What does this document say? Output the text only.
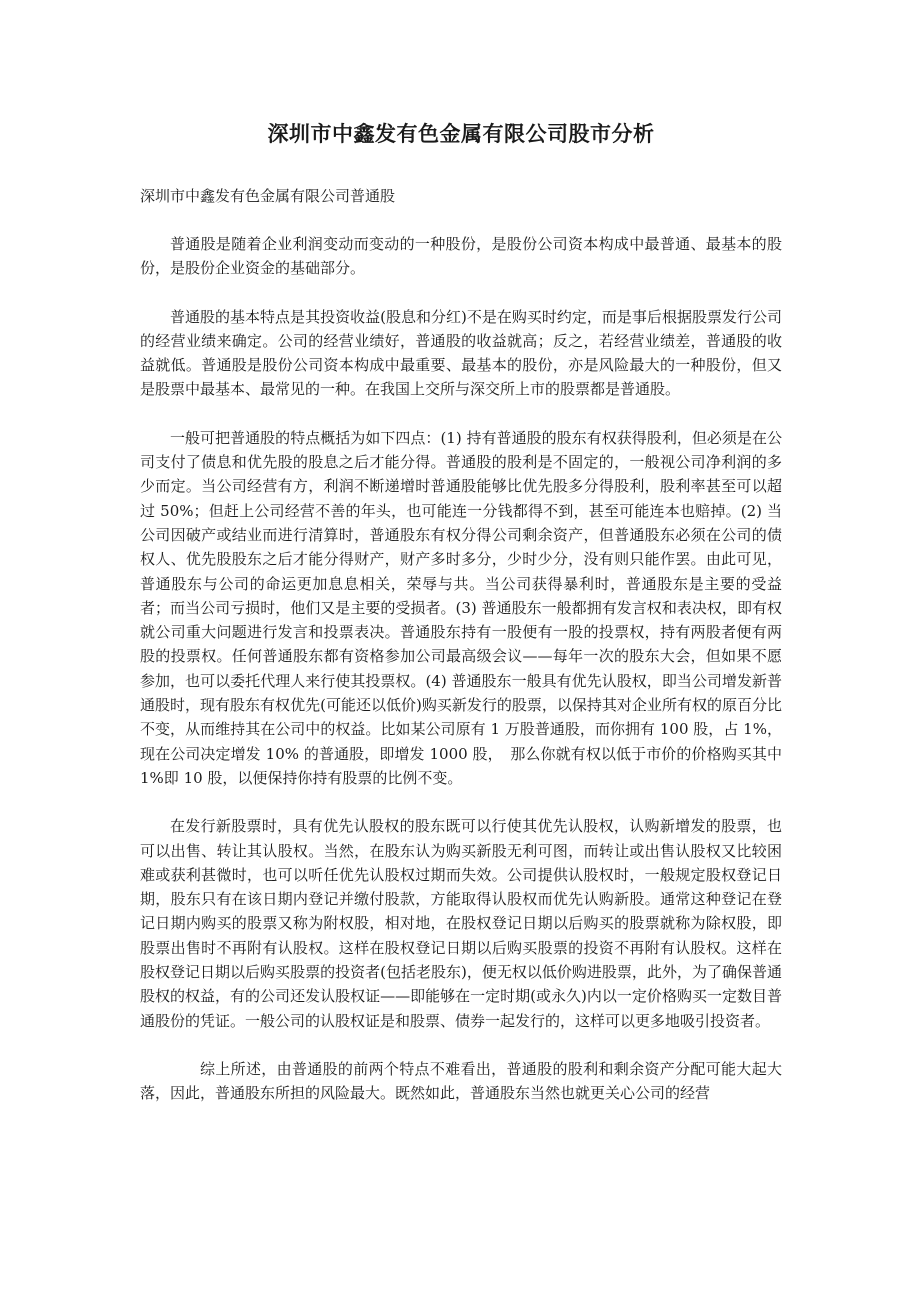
深圳市中鑫发有色金属有限公司股市分析
深圳市中鑫发有色金属有限公司普通股

普通股是随着企业利润变动而变动的一种股份，是股份公司资本构成中最普通、最基本的股份，是股份企业资金的基础部分。

普通股的基本特点是其投资收益(股息和分红)不是在购买时约定，而是事后根据股票发行公司的经营业绩来确定。公司的经营业绩好，普通股的收益就高；反之，若经营业绩差，普通股的收益就低。普通股是股份公司资本构成中最重要、最基本的股份，亦是风险最大的一种股份，但又是股票中最基本、最常见的一种。在我国上交所与深交所上市的股票都是普通股。

一般可把普通股的特点概括为如下四点：(1) 持有普通股的股东有权获得股利，但必须是在公司支付了债息和优先股的股息之后才能分得。普通股的股利是不固定的，一般视公司净利润的多少而定。当公司经营有方，利润不断递增时普通股能够比优先股多分得股利，股利率甚至可以超过 50%；但赶上公司经营不善的年头，也可能连一分钱都得不到，甚至可能连本也赔掉。(2) 当公司因破产或结业而进行清算时，普通股东有权分得公司剩余资产，但普通股东必须在公司的债权人、优先股股东之后才能分得财产，财产多时多分，少时少分，没有则只能作罢。由此可见，普通股东与公司的命运更加息息相关，荣辱与共。当公司获得暴利时，普通股东是主要的受益者；而当公司亏损时，他们又是主要的受损者。(3) 普通股东一般都拥有发言权和表决权，即有权就公司重大问题进行发言和投票表决。普通股东持有一股便有一股的投票权，持有两股者便有两股的投票权。任何普通股东都有资格参加公司最高级会议——每年一次的股东大会，但如果不愿参加，也可以委托代理人来行使其投票权。(4) 普通股东一般具有优先认股权，即当公司增发新普通股时，现有股东有权优先(可能还以低价)购买新发行的股票，以保持其对企业所有权的原百分比不变，从而维持其在公司中的权益。比如某公司原有 1 万股普通股，而你拥有 100 股，占 1%，现在公司决定增发 10% 的普通股，即增发 1000 股，　那么你就有权以低于市价的价格购买其中 1%即 10 股，以便保持你持有股票的比例不变。

在发行新股票时，具有优先认股权的股东既可以行使其优先认股权，认购新增发的股票，也可以出售、转让其认股权。当然，在股东认为购买新股无利可图，而转让或出售认股权又比较困难或获利甚微时，也可以听任优先认股权过期而失效。公司提供认股权时，一般规定股权登记日期，股东只有在该日期内登记并缴付股款，方能取得认股权而优先认购新股。通常这种登记在登记日期内购买的股票又称为附权股，相对地，在股权登记日期以后购买的股票就称为除权股，即股票出售时不再附有认股权。这样在股权登记日期以后购买股票的投资不再附有认股权。这样在股权登记日期以后购买股票的投资者(包括老股东)，便无权以低价购进股票，此外，为了确保普通股权的权益，有的公司还发认股权证——即能够在一定时期(或永久)内以一定价格购买一定数目普通股份的凭证。一般公司的认股权证是和股票、债券一起发行的，这样可以更多地吸引投资者。

综上所述，由普通股的前两个特点不难看出，普通股的股利和剩余资产分配可能大起大落，因此，普通股东所担的风险最大。既然如此，普通股东当然也就更关心公司的经营
